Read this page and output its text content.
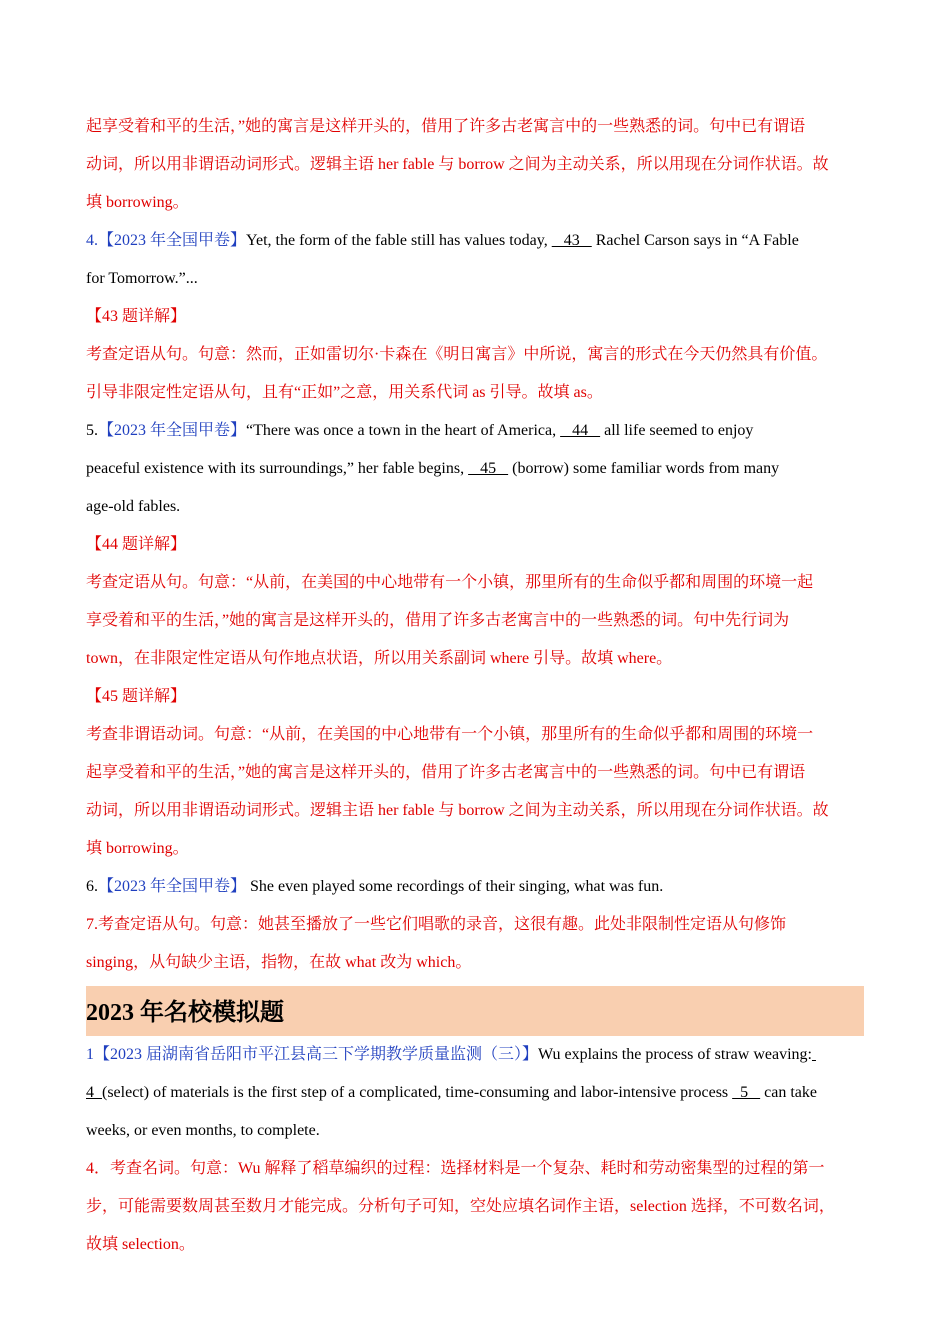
起享受着和平的生活，”她的寓言是这样开头的，借用了许多古老寓言中的一些熟悉的词。句中已有谓语

动词，所以用非谓语动词形式。逻辑主语 her fable 与 borrow 之间为主动关系，所以用现在分词作状语。故

填 borrowing。

4.【2023 年全国甲卷】Yet, the form of the fable still has values today,    43    Rachel Carson says in “A Fable

for Tomorrow.”...

【43 题详解】

考查定语从句。句意：然而，正如雷切尔·卡森在《明日寓言》中所说，寓言的形式在今天仍然具有价值。

引导非限定性定语从句，且有“正如”之意，用关系代词 as 引导。故填 as。

5.【2023 年全国甲卷】“There was once a town in the heart of America,    44    all life seemed to enjoy

peaceful existence with its surroundings,” her fable begins,    45    (borrow) some familiar words from many

age-old fables.

【44 题详解】

考查定语从句。句意：“从前，在美国的中心地带有一个小镇，那里所有的生命似乎都和周围的环境一起

享受着和平的生活，”她的寓言是这样开头的，借用了许多古老寓言中的一些熟悉的词。句中先行词为

town，在非限定性定语从句作地点状语，所以用关系副词 where 引导。故填 where。

【45 题详解】

考查非谓语动词。句意：“从前，在美国的中心地带有一个小镇，那里所有的生命似乎都和周围的环境一

起享受着和平的生活，”她的寓言是这样开头的，借用了许多古老寓言中的一些熟悉的词。句中已有谓语

动词，所以用非谓语动词形式。逻辑主语 her fable 与 borrow 之间为主动关系，所以用现在分词作状语。故

填 borrowing。

6.【2023 年全国甲卷】 She even played some recordings of their singing, what was fun.

7.考查定语从句。句意：她甚至播放了一些它们唱歌的录音，这很有趣。此处非限制性定语从句修饰

singing，从句缺少主语，指物，在故 what 改为 which。

2023 年名校模拟题

1【2023 届湖南省岳阳市平江县高三下学期教学质量监测（三）】Wu explains the process of straw weaving:

4  (select) of materials is the first step of a complicated, time-consuming and labor-intensive process   5    can take

weeks, or even months, to complete.

4．考查名词。句意：Wu 解释了稻草编织的过程：选择材料是一个复杂、耗时和劳动密集型的过程的第一

步，可能需要数周甚至数月才能完成。分析句子可知，空处应填名词作主语，selection 选择，不可数名词，

故填 selection。
